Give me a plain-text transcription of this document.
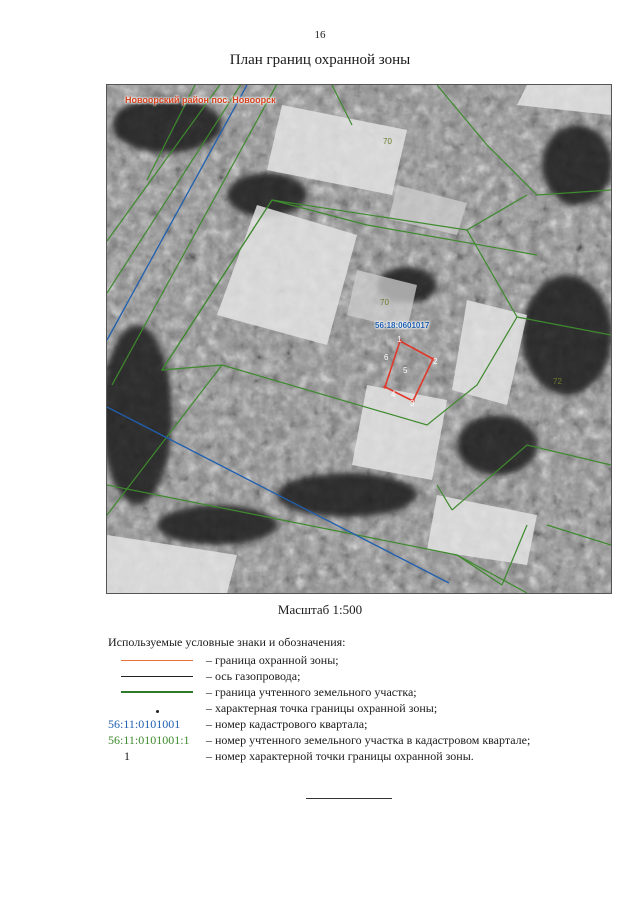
16
План границ охранной зоны
Новоорский район пос. Новоорск
56:18:0601017
70
70
72
1
2
3
4
5
6
Масштаб 1:500
Используемые условные знаки и обозначения:
– граница охранной зоны;
– ось газопровода;
– граница учтенного земельного участка;
– характерная точка границы охранной зоны;
56:11:0101001	– номер кадастрового квартала;
56:11:0101001:1	– номер учтенного земельного участка в кадастровом квартале;
1	– номер характерной точки границы охранной зоны.
